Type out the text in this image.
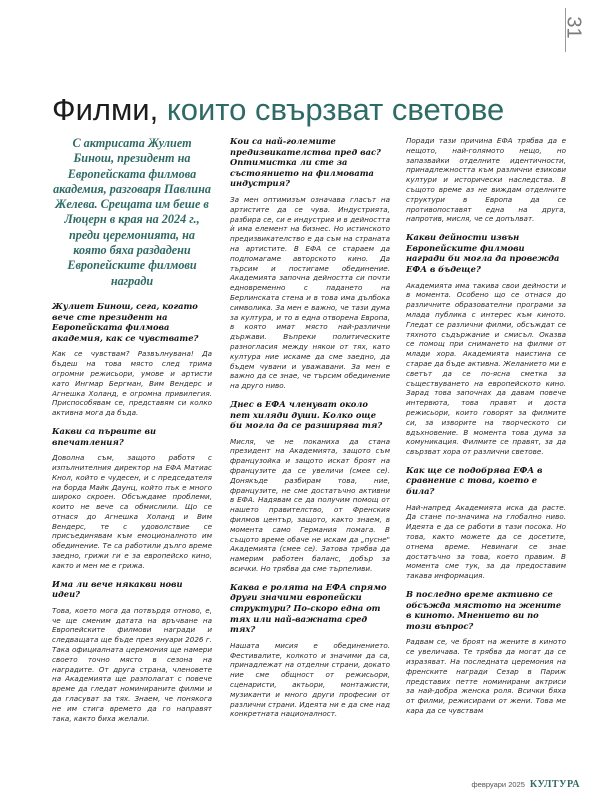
31
Филми, които свързват светове

С актрисата Жулиет Бинош, президент на Европейската филмова академия, разговаря Павлина Желева. Срещата им беше в Люцерн в края на 2024 г., преди церемонията, на която бяха раздадени Европейските филмови награди

Жулиет Бинош, сега, когато вече сте президент на Европейската филмова академия, как се чувствате?

Как се чувствам? Развълнувана! Да бъдеш на това място след трима огромни режисьори, умове и артисти като Ингмар Бергман, Вим Вендерс и Агнешка Холанд, е огромна привилегия. Приспособявам се, представям си колко активна мога да бъда.

Какви са първите ви впечатления?

Доволна съм, защото работя с изпълнителния директор на ЕФА Матиас Кнол, който е чудесен, и с председателя на борда Майк Даунц, който пък е много широко скроен. Обсъждаме проблеми, които не вече са обмислили. Що се отнася до Агнешка Холанд и Вим Вендерс, те с удоволствие се присъединявам към емоционалното им обединение. Те са работили дълго време заедно, грижи ги е за европейско кино, както и мен ме е грижа.

Има ли вече някакви нови идеи?

Това, което мога да потвърдя отново, е, че ще сменим датата на връчване на Европейските филмови награди и следващата ще бъде през януари 2026 г. Така официалната церемония ще намери своето точно място в сезона на наградите. От друга страна, членовете на Академията ще разполагат с повече време да гледат номинираните филми и да гласуват за тях. Знаем, че понякога не им стига времето да го направят така, както биха желали.

Кои са най-големите предизвикателства пред вас? Оптимистка ли сте за състоянието на филмовата индустрия?

За мен оптимизъм означава гласът на артистите да се чува. Индустрията, разбира се, си е индустрия и в дейността ѝ има елемент на бизнес. Но истинското предизвикателство е да съм на страната на артистите. В ЕФА се стараем да подпомагаме авторското кино. Да търсим и постигаме обединение. Академията започна дейността си почти едновременно с падането на Берлинската стена и в това има дълбока символика. За мен е важно, че тази дума за култура, и то в една отворена Европа, в която имат място най-различни държави. Въпреки политическите разногласия между някои от тях, като култура ние искаме да сме заедно, да бъдем чувани и уважавани. За мен е важно да се знае, че търсим обединение на друго ниво.

Днес в ЕФА членуват около пет хиляди души. Колко още би могла да се разширява тя?

Мисля, че не поканиха да стана президент на Академията, защото съм французойка и защото искат броят на французите да се увеличи (смее се). Донякъде разбирам това, ние, французите, не сме достатъчно активни в ЕФА. Надявам се да получим помощ от нашето правителство, от Френския филмов център, защото, както знаем, в момента само Германия помага. В същото време обаче не искам да „пусне" Академията (смее се). Затова трябва да намерим работен баланс, добър за всички. Но трябва да сме търпеливи.

Каква е ролята на ЕФА спрямо други значими европейски структури? По-скоро една от тях или най-важната сред тях?

Нашата мисия е обединението. Фестивалите, колкото и значими да са, принадлежат на отделни страни, докато ние сме общност от режисьори, сценаристи, актьори, монтажисти, музиканти и много други професии от различни страни. Идеята ни е да сме над конкретната националност.

Поради тази причина ЕФА трябва да е нещото, най-голямото нещо, но запазвайки отделните идентичности, принадлежността към различни езикови култури и исторически наследства. В същото време аз не виждам отделните структури в Европа да се противопоставят една на друга, напротив, мисля, че се допълват.

Какви дейности извън Европейските филмови награди би могла да провежда ЕФА в бъдеще?

Академията има такива свои дейности и в момента. Особено що се отнася до различните образователни програми за млада публика с интерес към киното. Гледат се различни филми, обсъждат се тяхното съдържание и смисъл. Оказва се помощ при снимането на филми от млади хора. Академията наистина се старае да бъде активна. Желанието ми е светът да се по-ясна сметка за съществуването на европейското кино. Зарад това започнах да давам повече интервюта, това правят и доста режисьори, които говорят за филмите си, за изворите на творческото си вдъхновение. В момента това дума за комуникация. Филмите се правят, за да свързват хора от различни светове.

Как ще се подобрява ЕФА в сравнение с това, което е била?

Най-напред Академията иска да расте. Да стане по-значима на глобално ниво. Идеята е да се работи в тази посока. Но това, както можете да се досетите, отнема време. Невинаги се знае достатъчно за това, което правим. В момента сме тук, за да предоставим такава информация.

В последно време активно се обсъжда мястото на жените в киното. Мнението ви по този въпрос?

Радвам се, че броят на жените в киното се увеличава. Те трябва да могат да се изразяват. На последната церемония на френските награди Сезар в Париж представих петте номинирани актриси за най-добра женска роля. Всички бяха от филми, режисирани от жени. Това ме кара да се чувствам

февруари 2025 КУЛТУРА
